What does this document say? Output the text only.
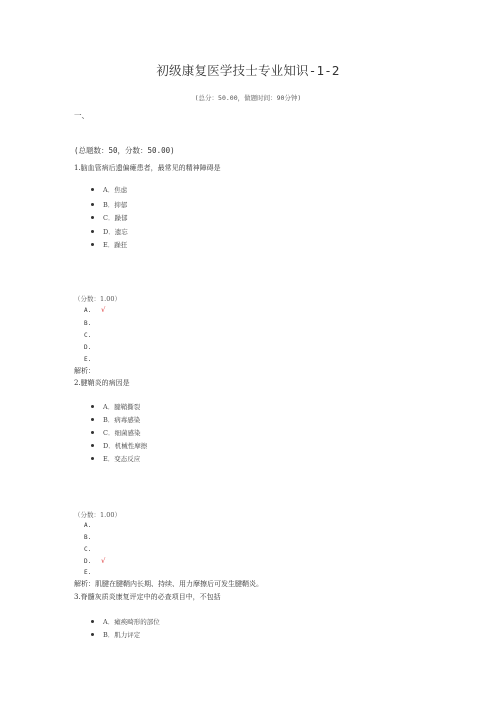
初级康复医学技士专业知识-1-2
(总分：50.00，做题时间：90分钟)
一、
(总题数：50，分数：50.00)
1.脑血管病后遗偏瘫患者，最常见的精神障碍是
A．焦虑
B．抑郁
C．躁郁
D．遗忘
E．躁狂
（分数：1.00）
A. √
B.
C.
D.
E.
解析：
2.腱鞘炎的病因是
A．腱鞘撕裂
B．病毒感染
C．细菌感染
D．机械性摩擦
E．变态反应
（分数：1.00）
A.
B.
C.
D. √
E.
解析：肌腱在腱鞘内长期、持续、用力摩擦后可发生腱鞘炎。
3.脊髓灰质炎康复评定中的必查项目中，不包括
A．瘫痪畸形的部位
B．肌力评定
